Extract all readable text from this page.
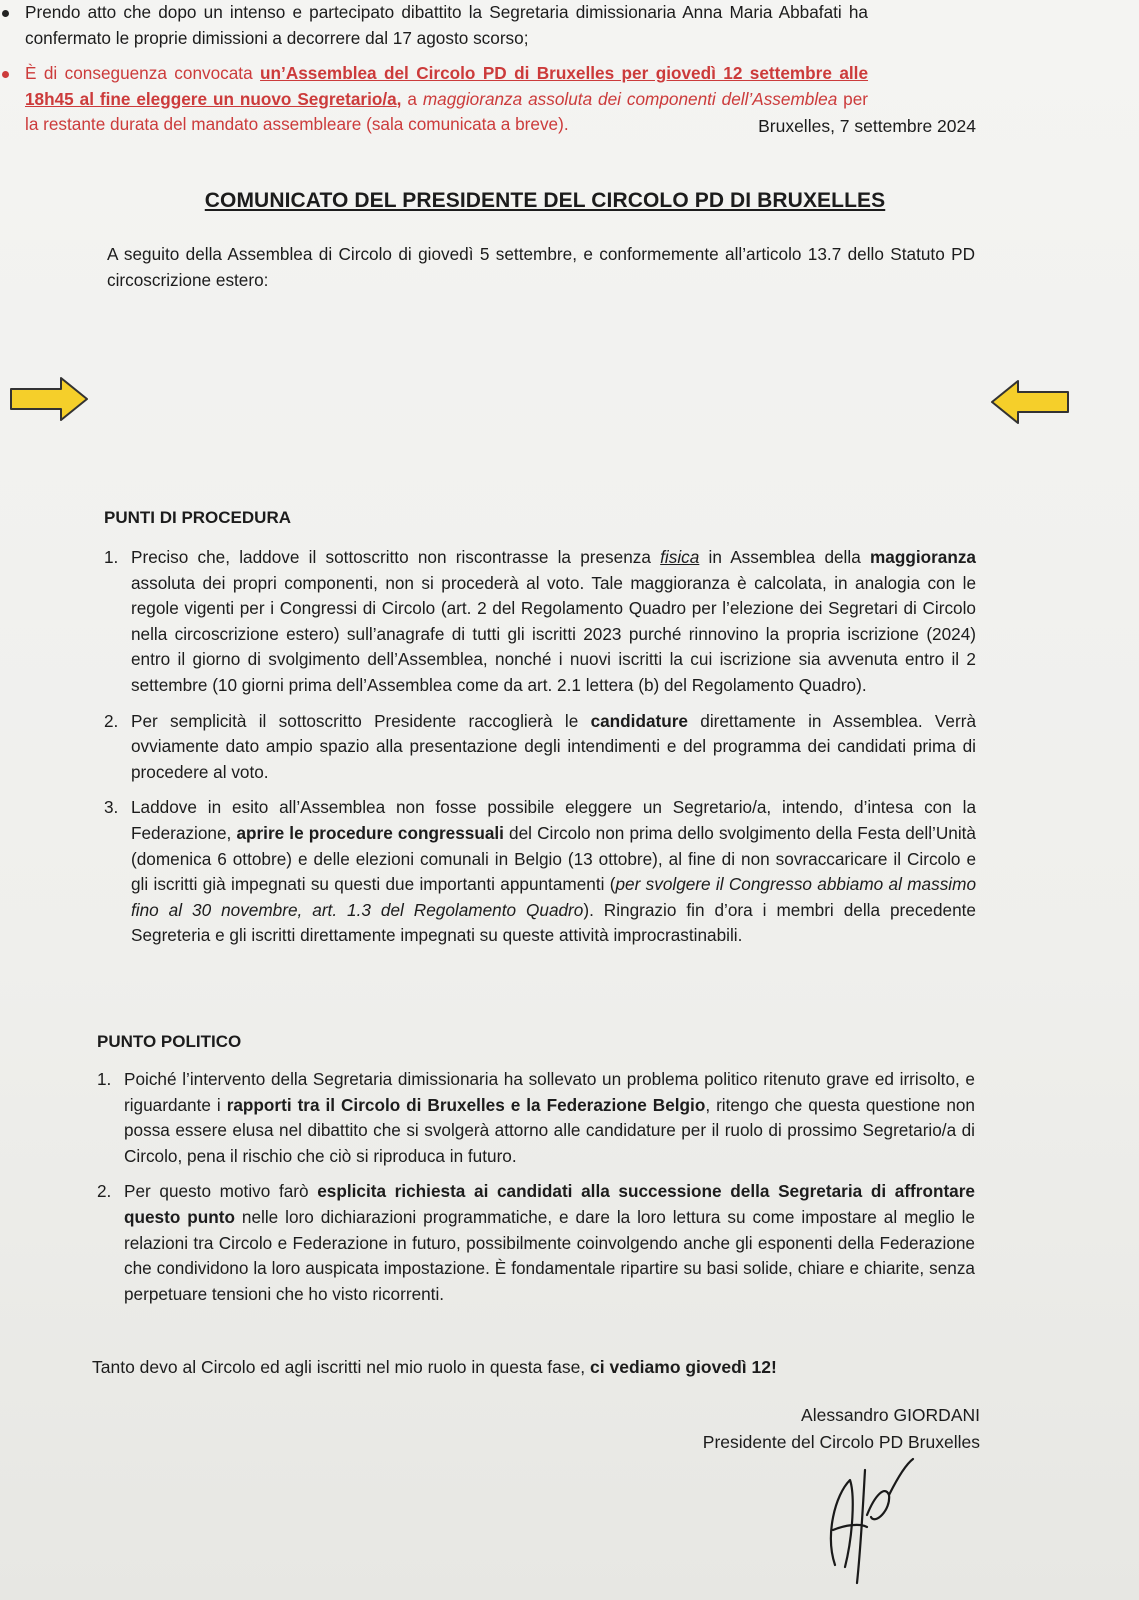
Bruxelles, 7 settembre 2024
COMUNICATO DEL PRESIDENTE DEL CIRCOLO PD DI BRUXELLES
A seguito della Assemblea di Circolo di giovedì 5 settembre, e conformemente all’articolo 13.7 dello Statuto PD circoscrizione estero:
Prendo atto che dopo un intenso e partecipato dibattito la Segretaria dimissionaria Anna Maria Abbafati ha confermato le proprie dimissioni a decorrere dal 17 agosto scorso;
È di conseguenza convocata un’Assemblea del Circolo PD di Bruxelles per giovedì 12 settembre alle 18h45 al fine eleggere un nuovo Segretario/a, a maggioranza assoluta dei componenti dell’Assemblea per la restante durata del mandato assembleare (sala comunicata a breve).
PUNTI DI PROCEDURA
1. Preciso che, laddove il sottoscritto non riscontrasse la presenza fisica in Assemblea della maggioranza assoluta dei propri componenti, non si procederà al voto. Tale maggioranza è calcolata, in analogia con le regole vigenti per i Congressi di Circolo (art. 2 del Regolamento Quadro per l’elezione dei Segretari di Circolo nella circoscrizione estero) sull’anagrafe di tutti gli iscritti 2023 purché rinnovino la propria iscrizione (2024) entro il giorno di svolgimento dell’Assemblea, nonché i nuovi iscritti la cui iscrizione sia avvenuta entro il 2 settembre (10 giorni prima dell’Assemblea come da art. 2.1 lettera (b) del Regolamento Quadro).
2. Per semplicità il sottoscritto Presidente raccoglierà le candidature direttamente in Assemblea. Verrà ovviamente dato ampio spazio alla presentazione degli intendimenti e del programma dei candidati prima di procedere al voto.
3. Laddove in esito all’Assemblea non fosse possibile eleggere un Segretario/a, intendo, d’intesa con la Federazione, aprire le procedure congressuali del Circolo non prima dello svolgimento della Festa dell’Unità (domenica 6 ottobre) e delle elezioni comunali in Belgio (13 ottobre), al fine di non sovraccaricare il Circolo e gli iscritti già impegnati su questi due importanti appuntamenti (per svolgere il Congresso abbiamo al massimo fino al 30 novembre, art. 1.3 del Regolamento Quadro). Ringrazio fin d’ora i membri della precedente Segreteria e gli iscritti direttamente impegnati su queste attività improcrastinabili.
PUNTO POLITICO
1. Poiché l’intervento della Segretaria dimissionaria ha sollevato un problema politico ritenuto grave ed irrisolto, e riguardante i rapporti tra il Circolo di Bruxelles e la Federazione Belgio, ritengo che questa questione non possa essere elusa nel dibattito che si svolgerà attorno alle candidature per il ruolo di prossimo Segretario/a di Circolo, pena il rischio che ciò si riproduca in futuro.
2. Per questo motivo farò esplicita richiesta ai candidati alla successione della Segretaria di affrontare questo punto nelle loro dichiarazioni programmatiche, e dare la loro lettura su come impostare al meglio le relazioni tra Circolo e Federazione in futuro, possibilmente coinvolgendo anche gli esponenti della Federazione che condividono la loro auspicata impostazione. È fondamentale ripartire su basi solide, chiare e chiarite, senza perpetuare tensioni che ho visto ricorrenti.
Tanto devo al Circolo ed agli iscritti nel mio ruolo in questa fase, ci vediamo giovedì 12!
Alessandro GIORDANI
Presidente del Circolo PD Bruxelles
